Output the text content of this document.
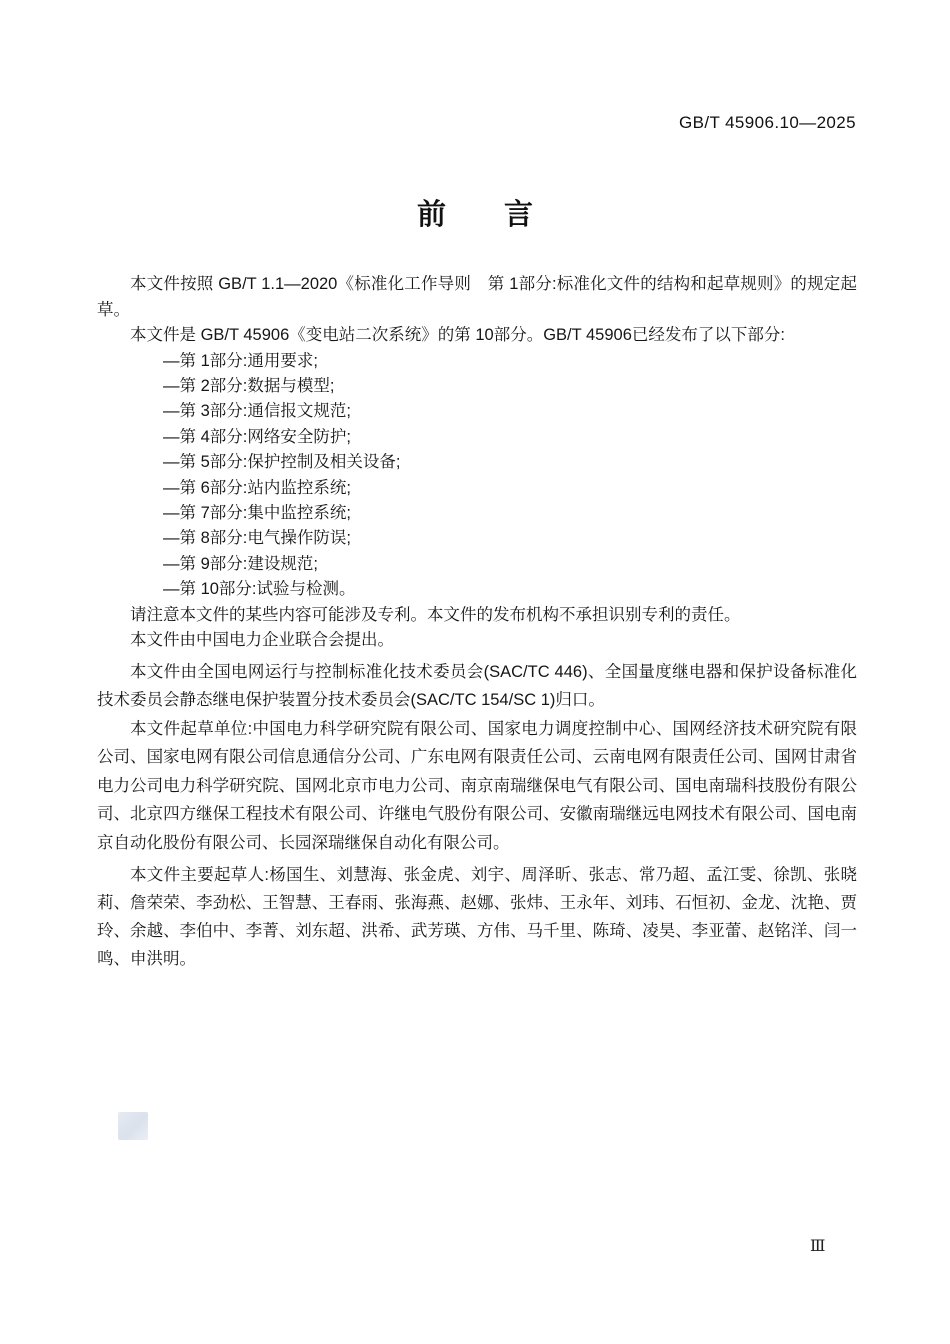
GB/T 45906.10—2025
前　　言

本文件按照 GB/T 1.1—2020《标准化工作导则　第 1部分:标准化文件的结构和起草规则》的规定起草。

本文件是 GB/T 45906《变电站二次系统》的第 10部分。GB/T 45906已经发布了以下部分:

—第 1部分:通用要求;
—第 2部分:数据与模型;
—第 3部分:通信报文规范;
—第 4部分:网络安全防护;
—第 5部分:保护控制及相关设备;
—第 6部分:站内监控系统;
—第 7部分:集中监控系统;
—第 8部分:电气操作防误;
—第 9部分:建设规范;
—第 10部分:试验与检测。

请注意本文件的某些内容可能涉及专利。本文件的发布机构不承担识别专利的责任。

本文件由中国电力企业联合会提出。

本文件由全国电网运行与控制标准化技术委员会(SAC/TC 446)、全国量度继电器和保护设备标准化技术委员会静态继电保护装置分技术委员会(SAC/TC 154/SC 1)归口。

本文件起草单位:中国电力科学研究院有限公司、国家电力调度控制中心、国网经济技术研究院有限公司、国家电网有限公司信息通信分公司、广东电网有限责任公司、云南电网有限责任公司、国网甘肃省电力公司电力科学研究院、国网北京市电力公司、南京南瑞继保电气有限公司、国电南瑞科技股份有限公司、北京四方继保工程技术有限公司、许继电气股份有限公司、安徽南瑞继远电网技术有限公司、国电南京自动化股份有限公司、长园深瑞继保自动化有限公司。

本文件主要起草人:杨国生、刘慧海、张金虎、刘宇、周泽昕、张志、常乃超、孟江雯、徐凯、张晓莉、詹荣荣、李劲松、王智慧、王春雨、张海燕、赵娜、张炜、王永年、刘玮、石恒初、金龙、沈艳、贾玲、余越、李伯中、李菁、刘东超、洪希、武芳瑛、方伟、马千里、陈琦、凌昊、李亚蕾、赵铭洋、闫一鸣、申洪明。

Ⅲ
